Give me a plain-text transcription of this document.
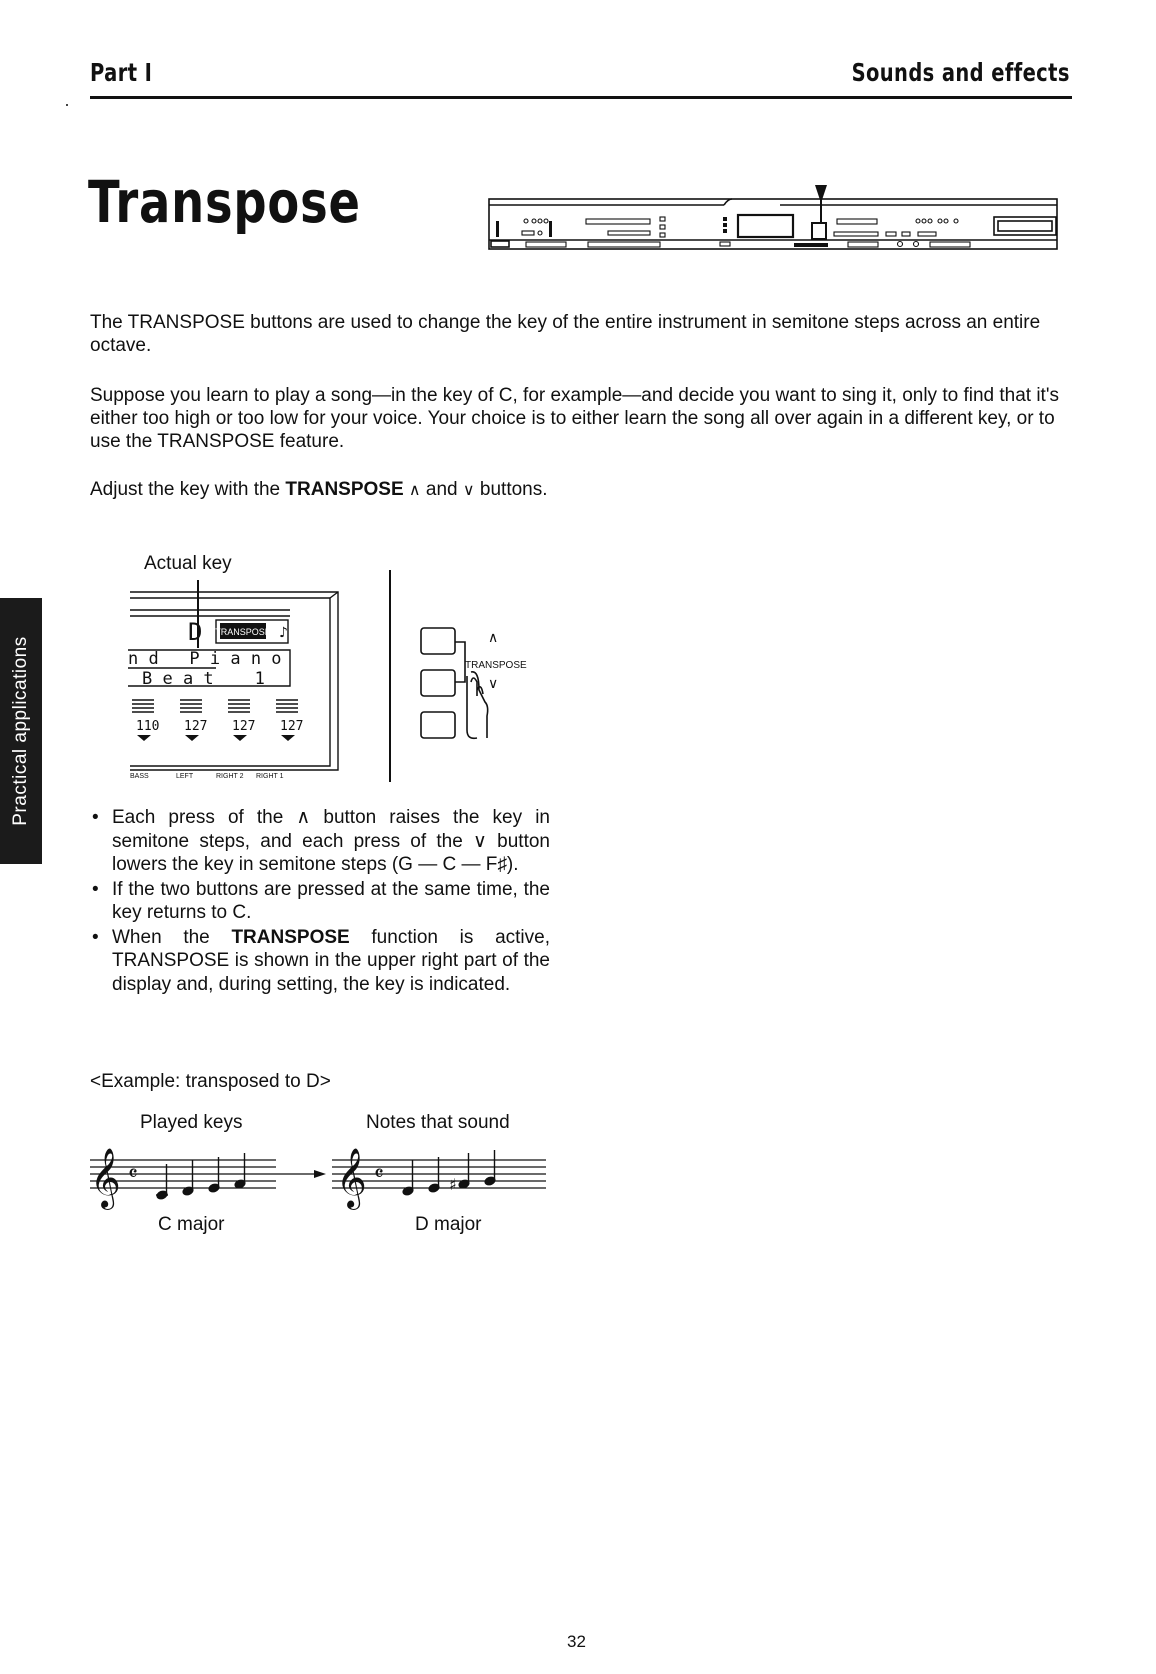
Part I	Sounds and effects
Transpose

The TRANSPOSE buttons are used to change the key of the entire instrument in semitone steps across an entire octave.

Suppose you learn to play a song—in the key of C, for example—and decide you want to sing it, only to find that it's either too high or too low for your voice. Your choice is to either learn the song all over again in a different key, or to use the TRANSPOSE feature.

Adjust the key with the TRANSPOSE ∧ and ∨ buttons.

Practical applications
Actual key
TRANSPOSE ♪
D
n d   P i a n o
B e a t    1
110 127 127 127
BASS	LEFT	RIGHT 2 RIGHT 1
∧
TRANSPOSE
∨
• Each press of the ∧ button raises the key in semitone steps, and each press of the ∨ button lowers the key in semitone steps (G — C — F♯).
• If the two buttons are pressed at the same time, the key returns to C.
• When the TRANSPOSE function is active, TRANSPOSE is shown in the upper right part of the display and, during setting, the key is indicated.
<Example: transposed to D>
Played keys	Notes that sound
𝄞 𝄴	𝄞 𝄴	♯
C major	D major
32
